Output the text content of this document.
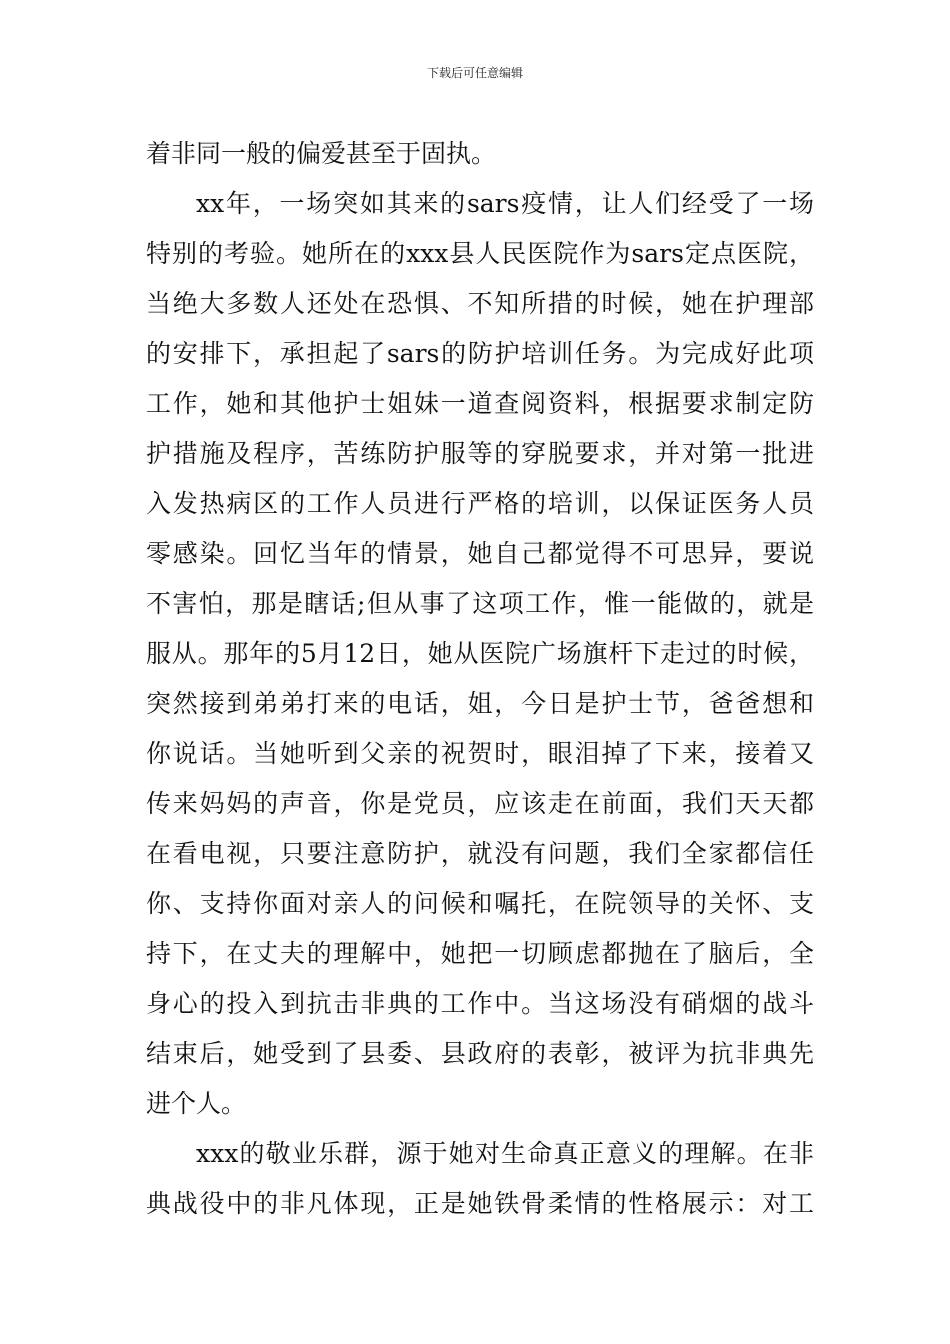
下载后可任意编辑
着非同一般的偏爱甚至于固执。
xx年，一场突如其来的sars疫情，让人们经受了一场
特别的考验。她所在的xxx县人民医院作为sars定点医院，
当绝大多数人还处在恐惧、不知所措的时候，她在护理部
的安排下，承担起了sars的防护培训任务。为完成好此项
工作，她和其他护士姐妹一道查阅资料，根据要求制定防
护措施及程序，苦练防护服等的穿脱要求，并对第一批进
入发热病区的工作人员进行严格的培训，以保证医务人员
零感染。回忆当年的情景，她自己都觉得不可思异，要说
不害怕，那是瞎话;但从事了这项工作，惟一能做的，就是
服从。那年的5月12日，她从医院广场旗杆下走过的时候，
突然接到弟弟打来的电话，姐，今日是护士节，爸爸想和
你说话。当她听到父亲的祝贺时，眼泪掉了下来，接着又
传来妈妈的声音，你是党员，应该走在前面，我们天天都
在看电视，只要注意防护，就没有问题，我们全家都信任
你、支持你面对亲人的问候和嘱托，在院领导的关怀、支
持下，在丈夫的理解中，她把一切顾虑都抛在了脑后，全
身心的投入到抗击非典的工作中。当这场没有硝烟的战斗
结束后，她受到了县委、县政府的表彰，被评为抗非典先
进个人。
xxx的敬业乐群，源于她对生命真正意义的理解。在非
典战役中的非凡体现，正是她铁骨柔情的性格展示：对工
